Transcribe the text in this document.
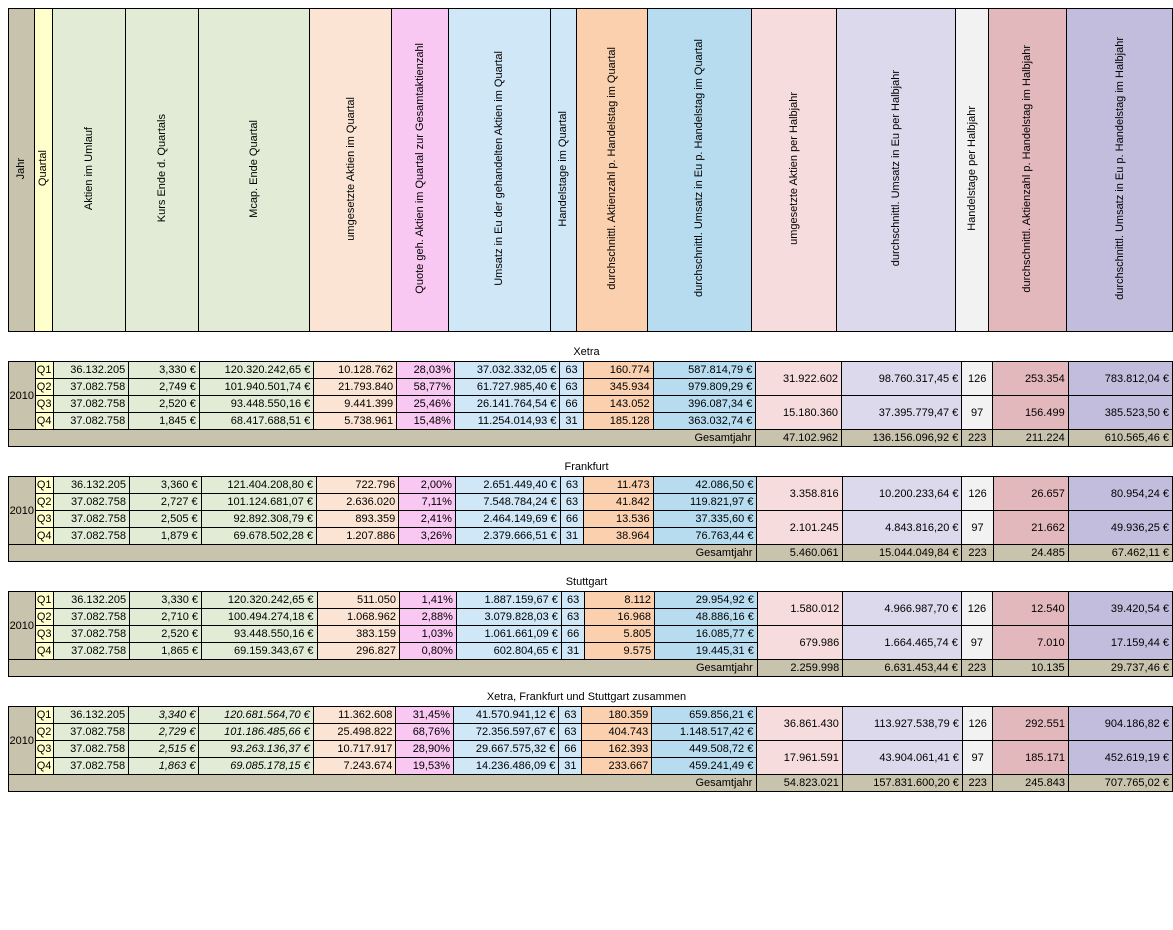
Jahr	Quartal	Aktien im Umlauf	Kurs Ende d. Quartals	Mcap. Ende Quartal	umgesetzte Aktien im Quartal	Quote geh. Aktien im Quartal zur Gesamtaktienzahl	Umsatz in Eu der gehandelten Aktien im Quartal	Handelstage im Quartal	durchschnittl. Aktienzahl p. Handelstag im Quartal	durchschnittl. Umsatz in Eu p. Handelstag im Quartal	umgesetzte Aktien per Halbjahr	durchschnittl. Umsatz in Eu per Halbjahr	Handelstage per Halbjahr	durchschnittl. Aktienzahl p. Handelstag im Halbjahr	durchschnittl. Umsatz in Eu p. Handelstag im Halbjahr
Xetra
2010	Q1	36.132.205	3,330 €	120.320.242,65 €	10.128.762	28,03%	37.032.332,05 €	63	160.774	587.814,79 €	31.922.602	98.760.317,45 €	126	253.354	783.812,04 €
	Q2	37.082.758	2,749 €	101.940.501,74 €	21.793.840	58,77%	61.727.985,40 €	63	345.934	979.809,29 €					
	Q3	37.082.758	2,520 €	93.448.550,16 €	9.441.399	25,46%	26.141.764,54 €	66	143.052	396.087,34 €	15.180.360	37.395.779,47 €	97	156.499	385.523,50 €
	Q4	37.082.758	1,845 €	68.417.688,51 €	5.738.961	15,48%	11.254.014,93 €	31	185.128	363.032,74 €					
Gesamtjahr											47.102.962	136.156.096,92 €	223	211.224	610.565,46 €
Frankfurt
2010	Q1	36.132.205	3,360 €	121.404.208,80 €	722.796	2,00%	2.651.449,40 €	63	11.473	42.086,50 €	3.358.816	10.200.233,64 €	126	26.657	80.954,24 €
	Q2	37.082.758	2,727 €	101.124.681,07 €	2.636.020	7,11%	7.548.784,24 €	63	41.842	119.821,97 €					
	Q3	37.082.758	2,505 €	92.892.308,79 €	893.359	2,41%	2.464.149,69 €	66	13.536	37.335,60 €	2.101.245	4.843.816,20 €	97	21.662	49.936,25 €
	Q4	37.082.758	1,879 €	69.678.502,28 €	1.207.886	3,26%	2.379.666,51 €	31	38.964	76.763,44 €					
Gesamtjahr											5.460.061	15.044.049,84 €	223	24.485	67.462,11 €
Stuttgart
2010	Q1	36.132.205	3,330 €	120.320.242,65 €	511.050	1,41%	1.887.159,67 €	63	8.112	29.954,92 €	1.580.012	4.966.987,70 €	126	12.540	39.420,54 €
	Q2	37.082.758	2,710 €	100.494.274,18 €	1.068.962	2,88%	3.079.828,03 €	63	16.968	48.886,16 €					
	Q3	37.082.758	2,520 €	93.448.550,16 €	383.159	1,03%	1.061.661,09 €	66	5.805	16.085,77 €	679.986	1.664.465,74 €	97	7.010	17.159,44 €
	Q4	37.082.758	1,865 €	69.159.343,67 €	296.827	0,80%	602.804,65 €	31	9.575	19.445,31 €					
Gesamtjahr											2.259.998	6.631.453,44 €	223	10.135	29.737,46 €
Xetra, Frankfurt und Stuttgart zusammen
2010	Q1	36.132.205	3,340 €	120.681.564,70 €	11.362.608	31,45%	41.570.941,12 €	63	180.359	659.856,21 €	36.861.430	113.927.538,79 €	126	292.551	904.186,82 €
	Q2	37.082.758	2,729 €	101.186.485,66 €	25.498.822	68,76%	72.356.597,67 €	63	404.743	1.148.517,42 €					
	Q3	37.082.758	2,515 €	93.263.136,37 €	10.717.917	28,90%	29.667.575,32 €	66	162.393	449.508,72 €	17.961.591	43.904.061,41 €	97	185.171	452.619,19 €
	Q4	37.082.758	1,863 €	69.085.178,15 €	7.243.674	19,53%	14.236.486,09 €	31	233.667	459.241,49 €					
Gesamtjahr											54.823.021	157.831.600,20 €	223	245.843	707.765,02 €
